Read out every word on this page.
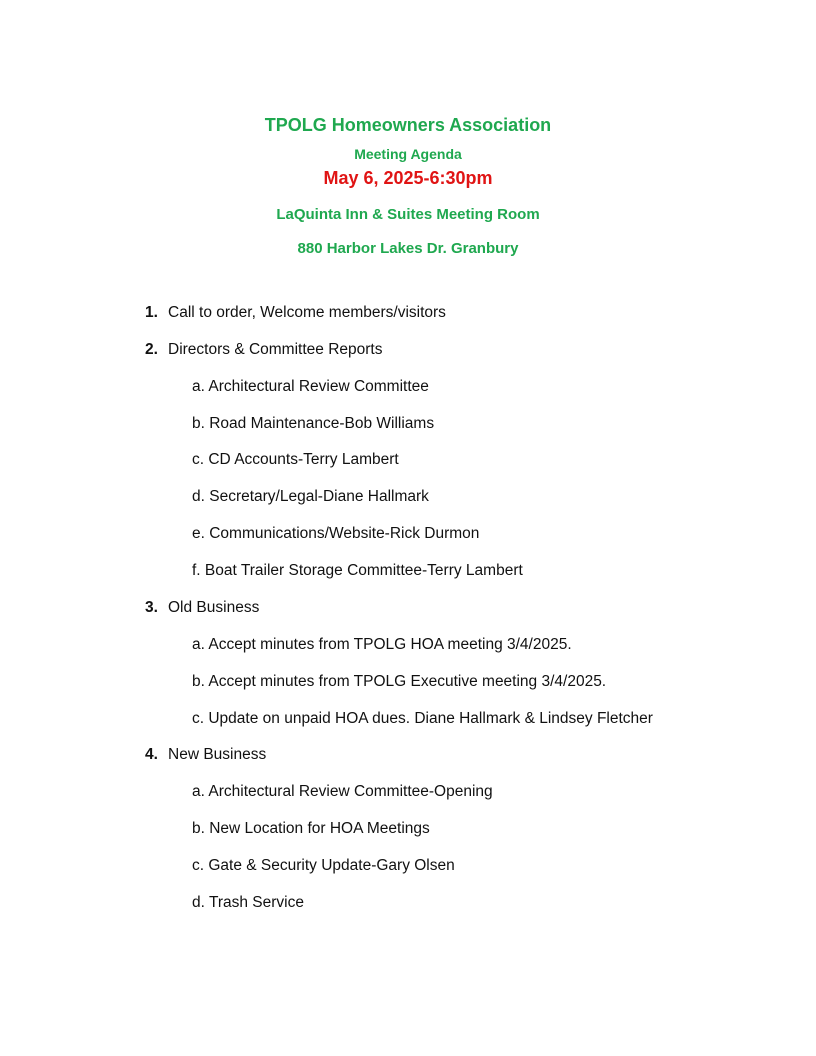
TPOLG Homeowners Association
Meeting Agenda
May 6, 2025-6:30pm
LaQuinta Inn & Suites Meeting Room
880 Harbor Lakes Dr. Granbury
1. Call to order, Welcome members/visitors
2. Directors & Committee Reports
a. Architectural Review Committee
b. Road Maintenance-Bob Williams
c. CD Accounts-Terry Lambert
d. Secretary/Legal-Diane Hallmark
e. Communications/Website-Rick Durmon
f. Boat Trailer Storage Committee-Terry Lambert
3. Old Business
a. Accept minutes from TPOLG HOA meeting 3/4/2025.
b. Accept minutes from TPOLG Executive meeting 3/4/2025.
c. Update on unpaid HOA dues. Diane Hallmark & Lindsey Fletcher
4. New Business
a. Architectural Review Committee-Opening
b. New Location for HOA Meetings
c. Gate & Security Update-Gary Olsen
d. Trash Service
